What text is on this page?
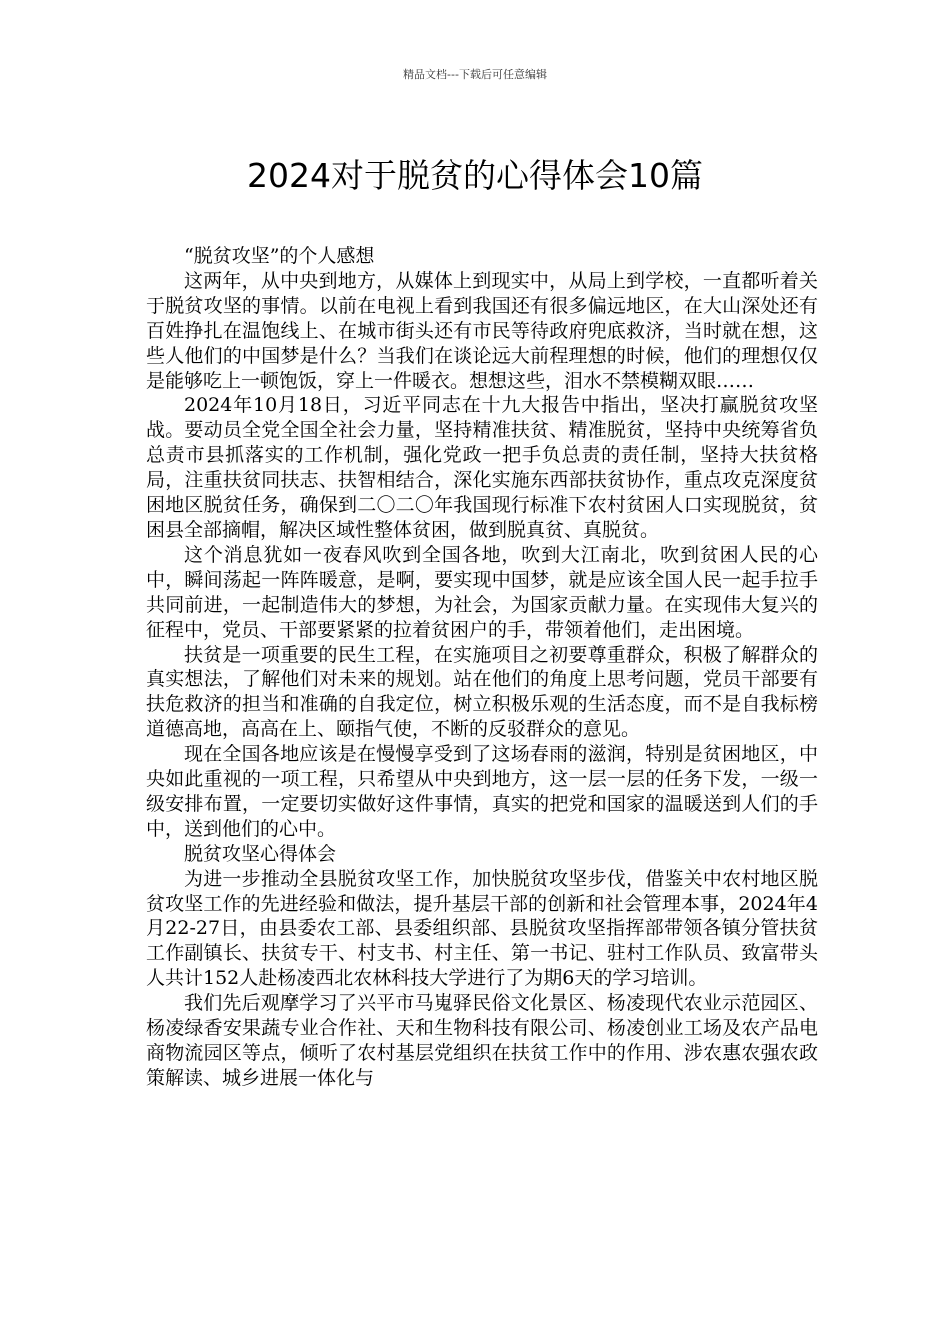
精品文档---下载后可任意编辑
2024对于脱贫的心得体会10篇

“脱贫攻坚”的个人感想

这两年，从中央到地方，从媒体上到现实中，从局上到学校，一直都听着关于脱贫攻坚的事情。以前在电视上看到我国还有很多偏远地区，在大山深处还有百姓挣扎在温饱线上、在城市街头还有市民等待政府兜底救济，当时就在想，这些人他们的中国梦是什么？当我们在谈论远大前程理想的时候，他们的理想仅仅是能够吃上一顿饱饭，穿上一件暖衣。想想这些，泪水不禁模糊双眼……

2024年10月18日，习近平同志在十九大报告中指出，坚决打赢脱贫攻坚战。要动员全党全国全社会力量，坚持精准扶贫、精准脱贫，坚持中央统筹省负总责市县抓落实的工作机制，强化党政一把手负总责的责任制，坚持大扶贫格局，注重扶贫同扶志、扶智相结合，深化实施东西部扶贫协作，重点攻克深度贫困地区脱贫任务，确保到二〇二〇年我国现行标准下农村贫困人口实现脱贫，贫困县全部摘帽，解决区域性整体贫困，做到脱真贫、真脱贫。

这个消息犹如一夜春风吹到全国各地，吹到大江南北，吹到贫困人民的心中，瞬间荡起一阵阵暖意，是啊，要实现中国梦，就是应该全国人民一起手拉手共同前进，一起制造伟大的梦想，为社会，为国家贡献力量。在实现伟大复兴的征程中，党员、干部要紧紧的拉着贫困户的手，带领着他们，走出困境。

扶贫是一项重要的民生工程，在实施项目之初要尊重群众，积极了解群众的真实想法，了解他们对未来的规划。站在他们的角度上思考问题，党员干部要有扶危救济的担当和准确的自我定位，树立积极乐观的生活态度，而不是自我标榜道德高地，高高在上、颐指气使，不断的反驳群众的意见。

现在全国各地应该是在慢慢享受到了这场春雨的滋润，特别是贫困地区，中央如此重视的一项工程，只希望从中央到地方，这一层一层的任务下发，一级一级安排布置，一定要切实做好这件事情，真实的把党和国家的温暖送到人们的手中，送到他们的心中。

脱贫攻坚心得体会

为进一步推动全县脱贫攻坚工作，加快脱贫攻坚步伐，借鉴关中农村地区脱贫攻坚工作的先进经验和做法，提升基层干部的创新和社会管理本事，2024年4月22-27日，由县委农工部、县委组织部、县脱贫攻坚指挥部带领各镇分管扶贫工作副镇长、扶贫专干、村支书、村主任、第一书记、驻村工作队员、致富带头人共计152人赴杨凌西北农林科技大学进行了为期6天的学习培训。

我们先后观摩学习了兴平市马嵬驿民俗文化景区、杨凌现代农业示范园区、杨凌绿香安果蔬专业合作社、天和生物科技有限公司、杨凌创业工场及农产品电商物流园区等点，倾听了农村基层党组织在扶贫工作中的作用、涉农惠农强农政策解读、城乡进展一体化与
